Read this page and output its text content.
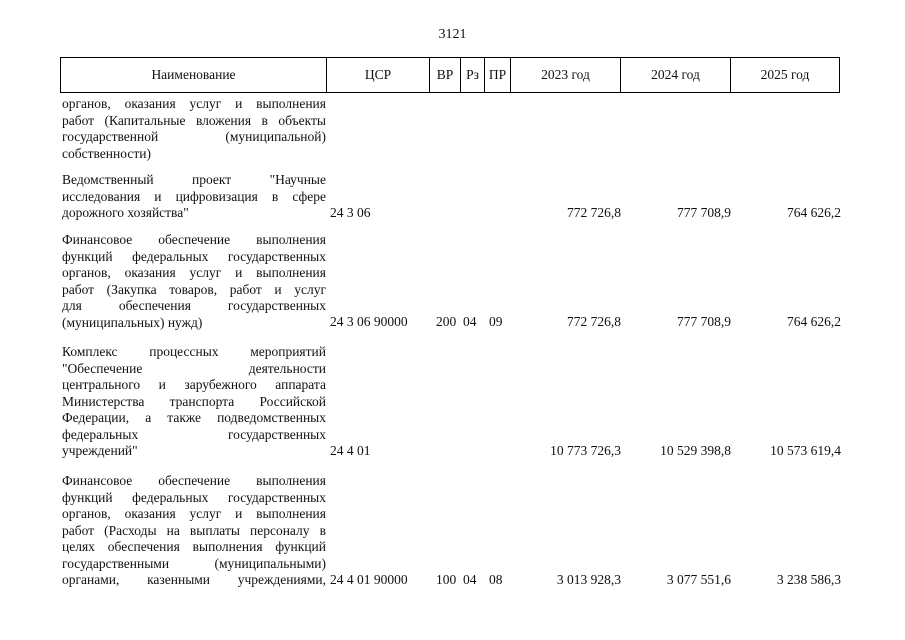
3121
Наименование	ЦСР	ВР Рз ПР	2023 год	2024 год	2025 год
органов, оказания услуг и выполнения
работ (Капитальные вложения в объекты
государственной (муниципальной)
собственности)
Ведомственный проект "Научные
исследования и цифровизация в сфере
дорожного хозяйства"	24 3 06	772 726,8	777 708,9	764 626,2
Финансовое обеспечение выполнения
функций федеральных государственных
органов, оказания услуг и выполнения
работ (Закупка товаров, работ и услуг
для обеспечения государственных
(муниципальных) нужд)	24 3 06 90000 200 04 09	772 726,8	777 708,9	764 626,2
Комплекс процессных мероприятий
"Обеспечение деятельности
центрального и зарубежного аппарата
Министерства транспорта Российской
Федерации, а также подведомственных
федеральных государственных
учреждений"	24 4 01	10 773 726,3	10 529 398,8	10 573 619,4
Финансовое обеспечение выполнения
функций федеральных государственных
органов, оказания услуг и выполнения
работ (Расходы на выплаты персоналу в
целях обеспечения выполнения функций
государственными (муниципальными)
органами, казенными учреждениями, 24 4 01 90000 100 04 08	3 013 928,3	3 077 551,6	3 238 586,3
